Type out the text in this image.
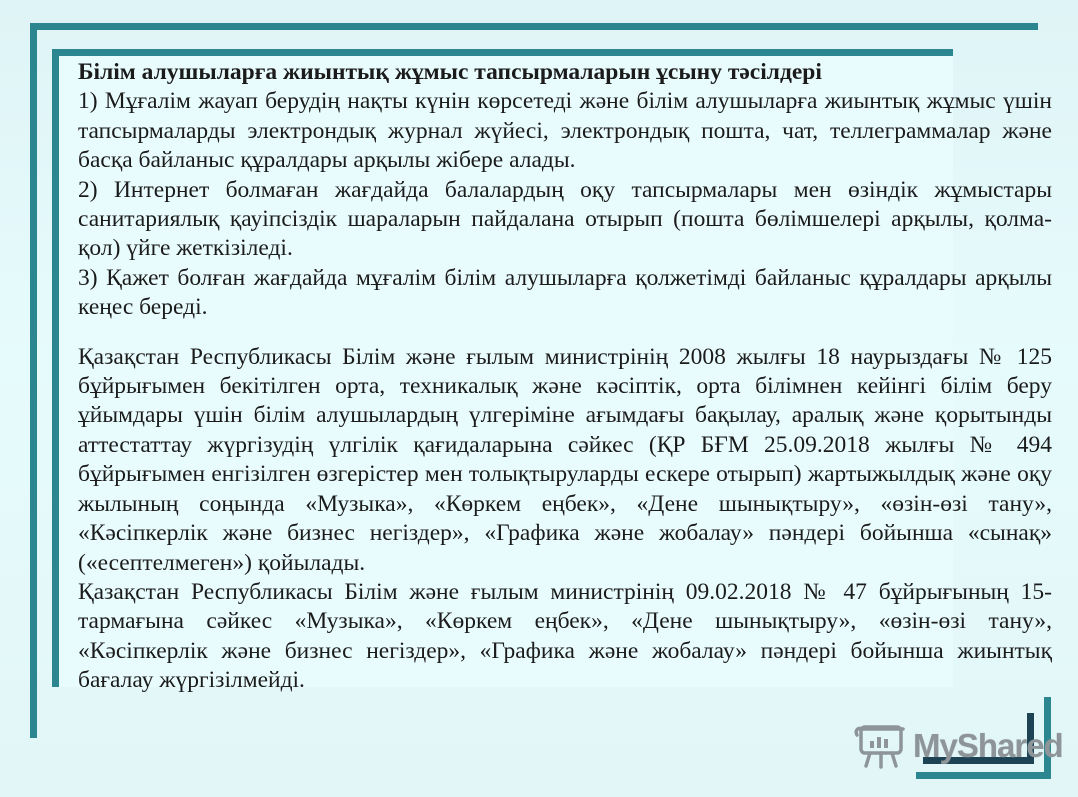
Білім алушыларға жиынтық жұмыс тапсырмаларын ұсыну тәсілдері

1) Мұғалім жауап берудің нақты күнін көрсетеді және білім алушыларға жиынтық жұмыс үшін тапсырмаларды электрондық журнал жүйесі, электрондық пошта, чат, теллеграммалар және басқа байланыс құралдары арқылы жібере алады.

2) Интернет болмаған жағдайда балалардың оқу тапсырмалары мен өзіндік жұмыстары санитариялық қауіпсіздік шараларын пайдалана отырып (пошта бөлімшелері арқылы, қолма-қол) үйге жеткізіледі.

3) Қажет болған жағдайда мұғалім білім алушыларға қолжетімді байланыс құралдары арқылы кеңес береді.

Қазақстан Республикасы Білім және ғылым министрінің 2008 жылғы 18 наурыздағы № 125 бұйрығымен бекітілген орта, техникалық және кәсіптік, орта білімнен кейінгі білім беру ұйымдары үшін білім алушылардың үлгеріміне ағымдағы бақылау, аралық және қорытынды аттестаттау жүргізудің үлгілік қағидаларына сәйкес (ҚР БҒМ 25.09.2018 жылғы № 494 бұйрығымен енгізілген өзгерістер мен толықтыруларды ескере отырып) жартыжылдық және оқу жылының соңында «Музыка», «Көркем еңбек», «Дене шынықтыру», «өзін-өзі тану», «Кәсіпкерлік және бизнес негіздер», «Графика және жобалау» пәндері бойынша «сынақ» («есептелмеген») қойылады.

Қазақстан Республикасы Білім және ғылым министрінің 09.02.2018 № 47 бұйрығының 15-тармағына сәйкес «Музыка», «Көркем еңбек», «Дене шынықтыру», «өзін-өзі тану», «Кәсіпкерлік және бизнес негіздер», «Графика және жобалау» пәндері бойынша жиынтық бағалау жүргізілмейді.

MyShared
